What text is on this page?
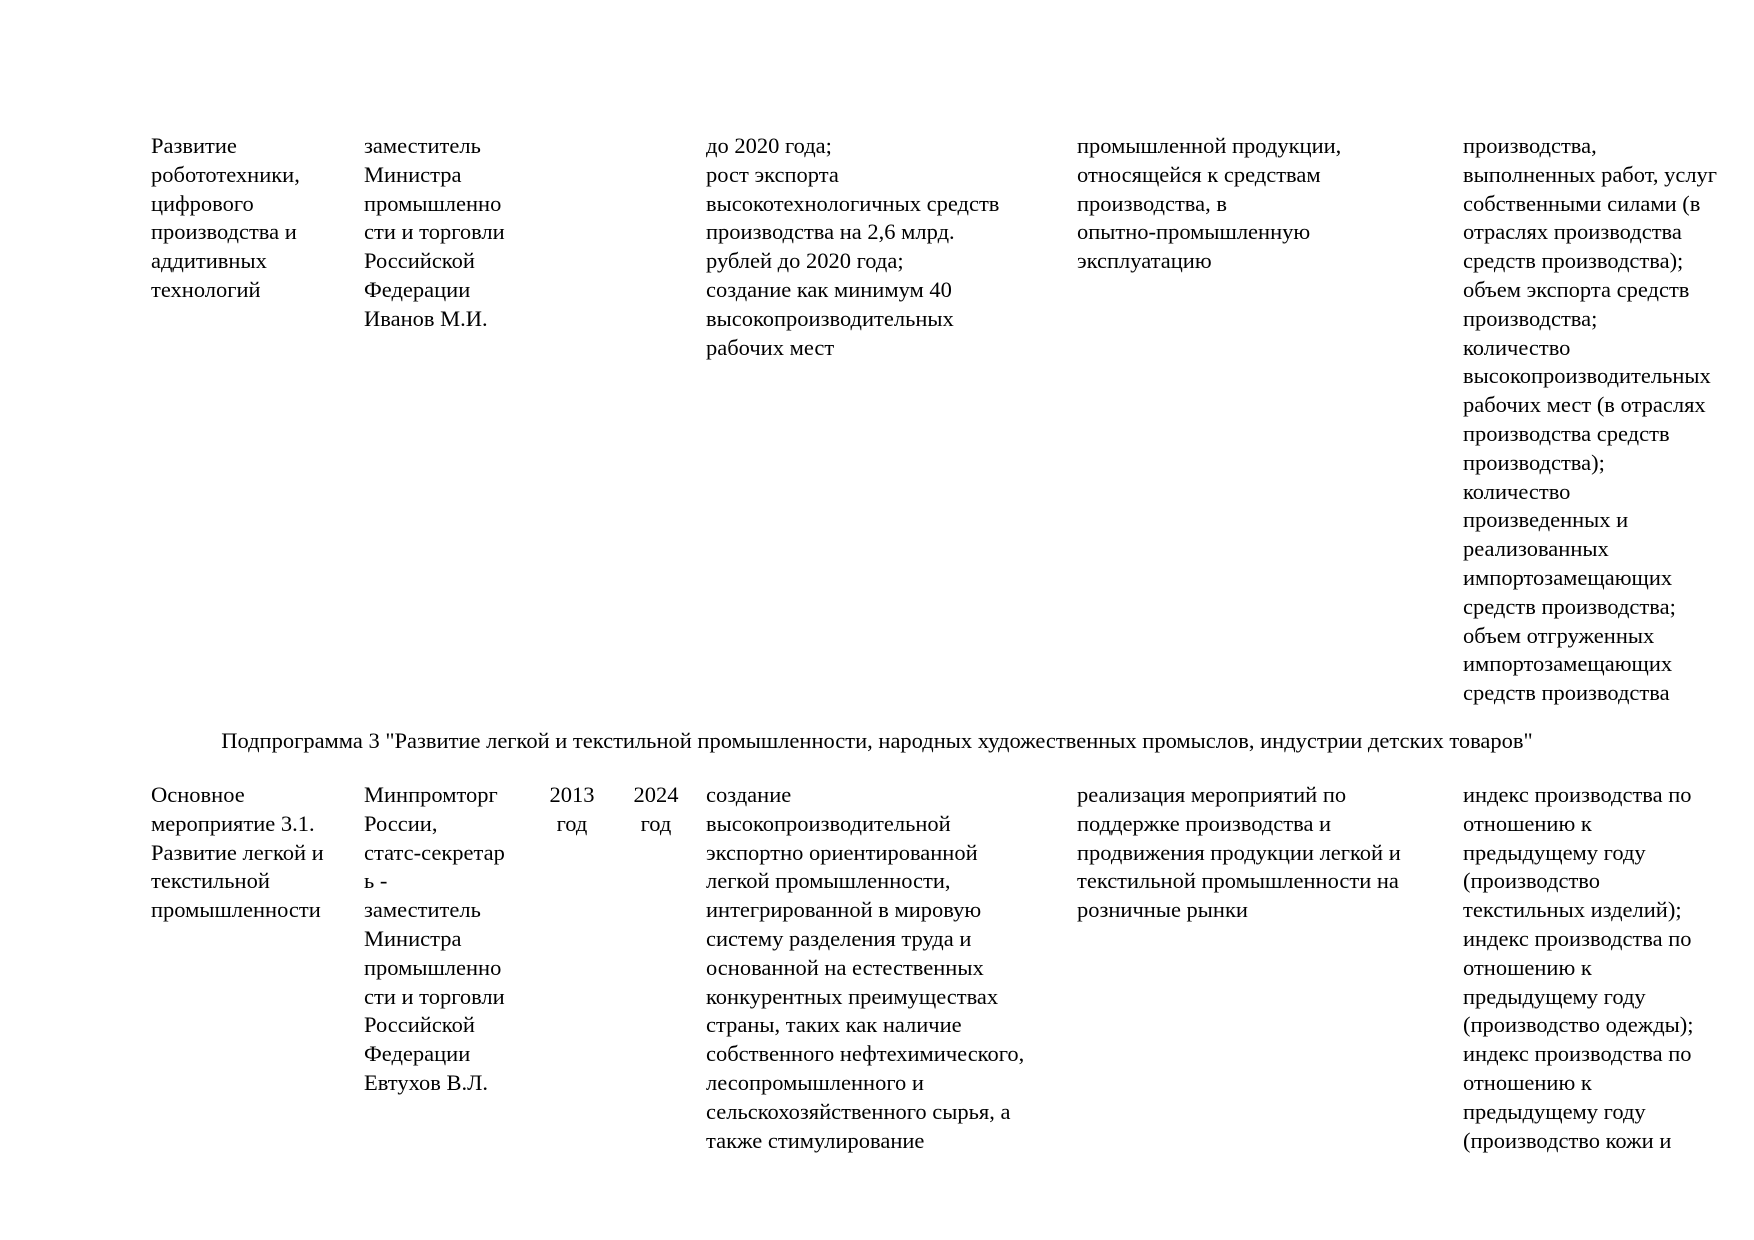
Развитие
робототехники,
цифрового
производства и
аддитивных
технологий
заместитель
Министра
промышленно
сти и торговли
Российской
Федерации
Иванов М.И.
до 2020 года;
рост экспорта
высокотехнологичных средств
производства на 2,6 млрд.
рублей до 2020 года;
создание как минимум 40
высокопроизводительных
рабочих мест
промышленной продукции,
относящейся к средствам
производства, в
опытно-промышленную
эксплуатацию
производства,
выполненных работ, услуг
собственными силами (в
отраслях производства
средств производства);
объем экспорта средств
производства;
количество
высокопроизводительных
рабочих мест (в отраслях
производства средств
производства);
количество
произведенных и
реализованных
импортозамещающих
средств производства;
объем отгруженных
импортозамещающих
средств производства
Подпрограмма 3 "Развитие легкой и текстильной промышленности, народных художественных промыслов, индустрии детских товаров"
Основное
мероприятие 3.1.
Развитие легкой и
текстильной
промышленности
Минпромторг
России,
статс-секретар
ь -
заместитель
Министра
промышленно
сти и торговли
Российской
Федерации
Евтухов В.Л.
2013
год
2024
год
создание
высокопроизводительной
экспортно ориентированной
легкой промышленности,
интегрированной в мировую
систему разделения труда и
основанной на естественных
конкурентных преимуществах
страны, таких как наличие
собственного нефтехимического,
лесопромышленного и
сельскохозяйственного сырья, а
также стимулирование
реализация мероприятий по
поддержке производства и
продвижения продукции легкой и
текстильной промышленности на
розничные рынки
индекс производства по
отношению к
предыдущему году
(производство
текстильных изделий);
индекс производства по
отношению к
предыдущему году
(производство одежды);
индекс производства по
отношению к
предыдущему году
(производство кожи и
